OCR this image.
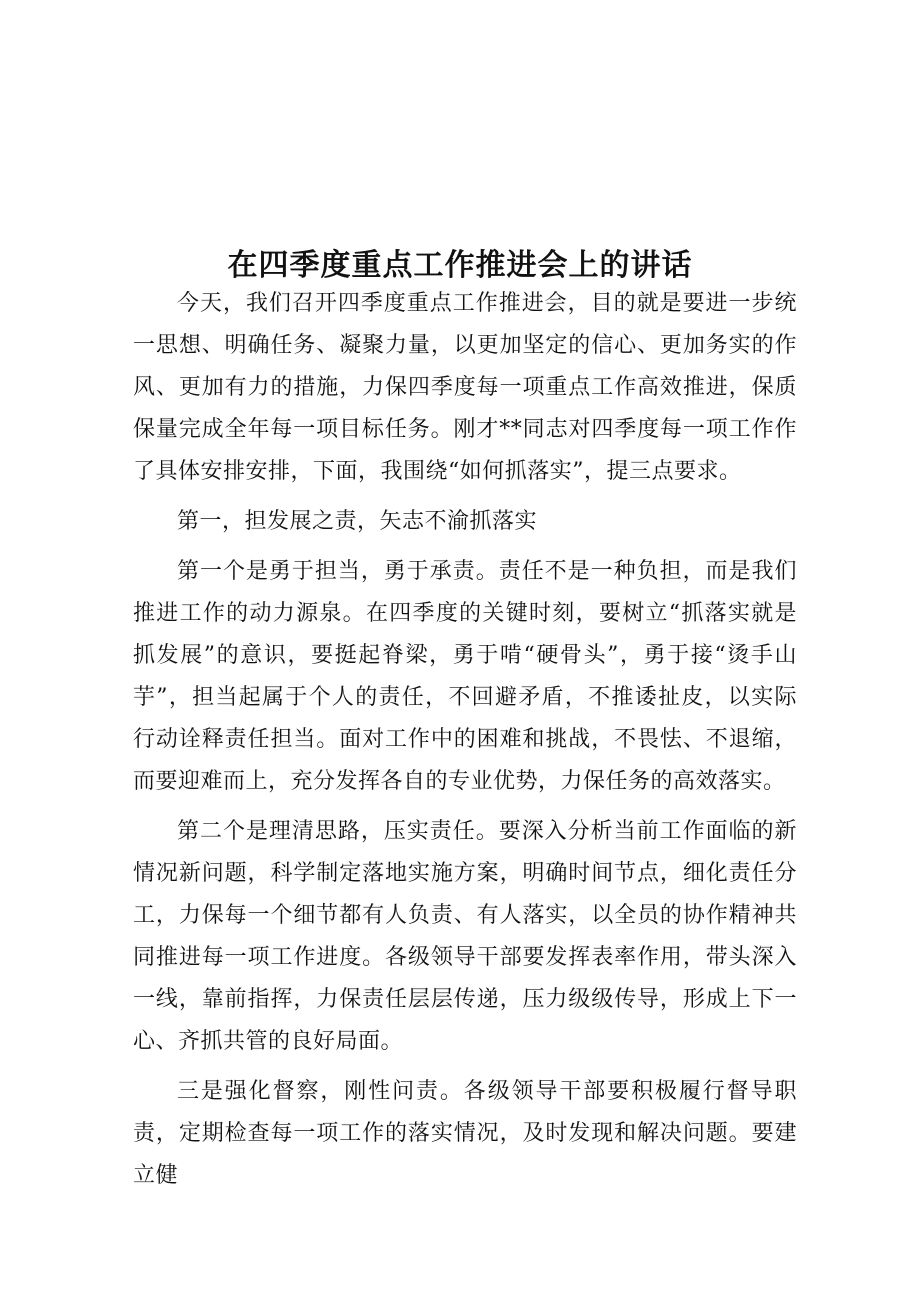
在四季度重点工作推进会上的讲话

今天，我们召开四季度重点工作推进会，目的就是要进一步统一思想、明确任务、凝聚力量，以更加坚定的信心、更加务实的作风、更加有力的措施，力保四季度每一项重点工作高效推进，保质保量完成全年每一项目标任务。刚才**同志对四季度每一项工作作了具体安排安排，下面，我围绕“如何抓落实”，提三点要求。

第一，担发展之责，矢志不渝抓落实

第一个是勇于担当，勇于承责。责任不是一种负担，而是我们推进工作的动力源泉。在四季度的关键时刻，要树立“抓落实就是抓发展”的意识，要挺起脊梁，勇于啃“硬骨头”，勇于接“烫手山芋”，担当起属于个人的责任，不回避矛盾，不推诿扯皮，以实际行动诠释责任担当。面对工作中的困难和挑战，不畏怯、不退缩，而要迎难而上，充分发挥各自的专业优势，力保任务的高效落实。

第二个是理清思路，压实责任。要深入分析当前工作面临的新情况新问题，科学制定落地实施方案，明确时间节点，细化责任分工，力保每一个细节都有人负责、有人落实，以全员的协作精神共同推进每一项工作进度。各级领导干部要发挥表率作用，带头深入一线，靠前指挥，力保责任层层传递，压力级级传导，形成上下一心、齐抓共管的良好局面。

三是强化督察，刚性问责。各级领导干部要积极履行督导职责，定期检查每一项工作的落实情况，及时发现和解决问题。要建立健
